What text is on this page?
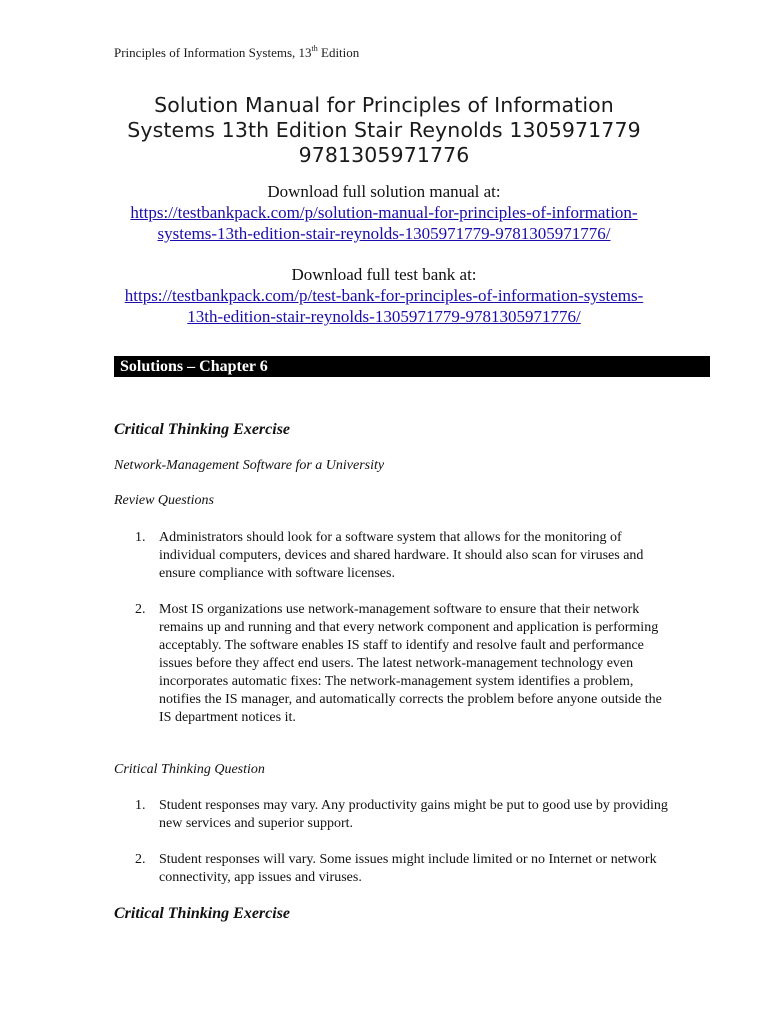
Principles of Information Systems, 13th Edition
Solution Manual for Principles of Information
Systems 13th Edition Stair Reynolds 1305971779
9781305971776
Download full solution manual at:
https://testbankpack.com/p/solution-manual-for-principles-of-information-
systems-13th-edition-stair-reynolds-1305971779-9781305971776/
Download full test bank at:
https://testbankpack.com/p/test-bank-for-principles-of-information-systems-
13th-edition-stair-reynolds-1305971779-9781305971776/
Solutions – Chapter 6
Critical Thinking Exercise
Network-Management Software for a University
Review Questions
1. Administrators should look for a software system that allows for the monitoring of individual computers, devices and shared hardware. It should also scan for viruses and ensure compliance with software licenses.
2. Most IS organizations use network-management software to ensure that their network remains up and running and that every network component and application is performing acceptably. The software enables IS staff to identify and resolve fault and performance issues before they affect end users. The latest network-management technology even incorporates automatic fixes: The network-management system identifies a problem, notifies the IS manager, and automatically corrects the problem before anyone outside the IS department notices it.
Critical Thinking Question
1. Student responses may vary. Any productivity gains might be put to good use by providing new services and superior support.
2. Student responses will vary. Some issues might include limited or no Internet or network connectivity, app issues and viruses.
Critical Thinking Exercise
